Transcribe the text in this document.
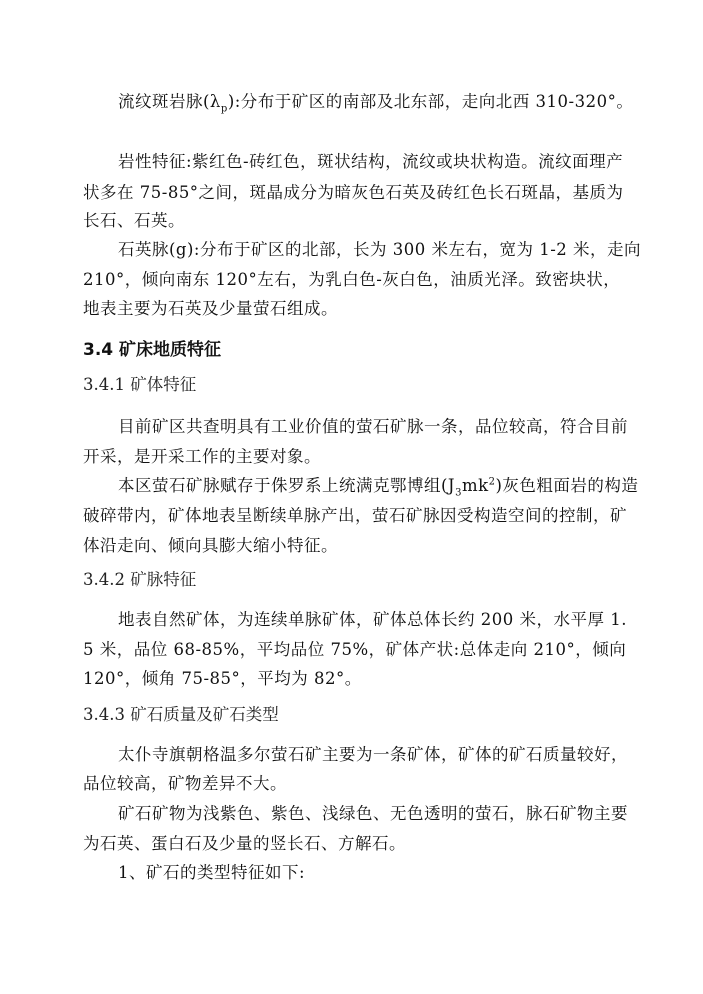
流纹斑岩脉$(\lambda_p)$:分布于矿区的南部及北东部，走向北西 310-320°。
岩性特征:紫红色-砖红色，斑状结构，流纹或块状构造。流纹面理产
状多在 75-85°之间，斑晶成分为暗灰色石英及砖红色长石斑晶，基质为
长石、石英。
石英脉(g):分布于矿区的北部，长为 300 米左右，宽为 1-2 米，走向
210°，倾向南东 120°左右，为乳白色-灰白色，油质光泽。致密块状，
地表主要为石英及少量萤石组成。
3.4 矿床地质特征
3.4.1 矿体特征
目前矿区共查明具有工业价值的萤石矿脉一条，品位较高，符合目前
开采，是开采工作的主要对象。
本区萤石矿脉赋存于侏罗系上统满克鄂博组$(J_3mk^2)$灰色粗面岩的构造
破碎带内，矿体地表呈断续单脉产出，萤石矿脉因受构造空间的控制，矿
体沿走向、倾向具膨大缩小特征。
3.4.2 矿脉特征
地表自然矿体，为连续单脉矿体，矿体总体长约 200 米，水平厚 1.
5 米，品位 68-85%，平均品位 75%，矿体产状:总体走向 210°，倾向
120°，倾角 75-85°，平均为 82°。
3.4.3 矿石质量及矿石类型
太仆寺旗朝格温多尔萤石矿主要为一条矿体，矿体的矿石质量较好，
品位较高，矿物差异不大。
矿石矿物为浅紫色、紫色、浅绿色、无色透明的萤石，脉石矿物主要
为石英、蛋白石及少量的竖长石、方解石。
1、矿石的类型特征如下:
